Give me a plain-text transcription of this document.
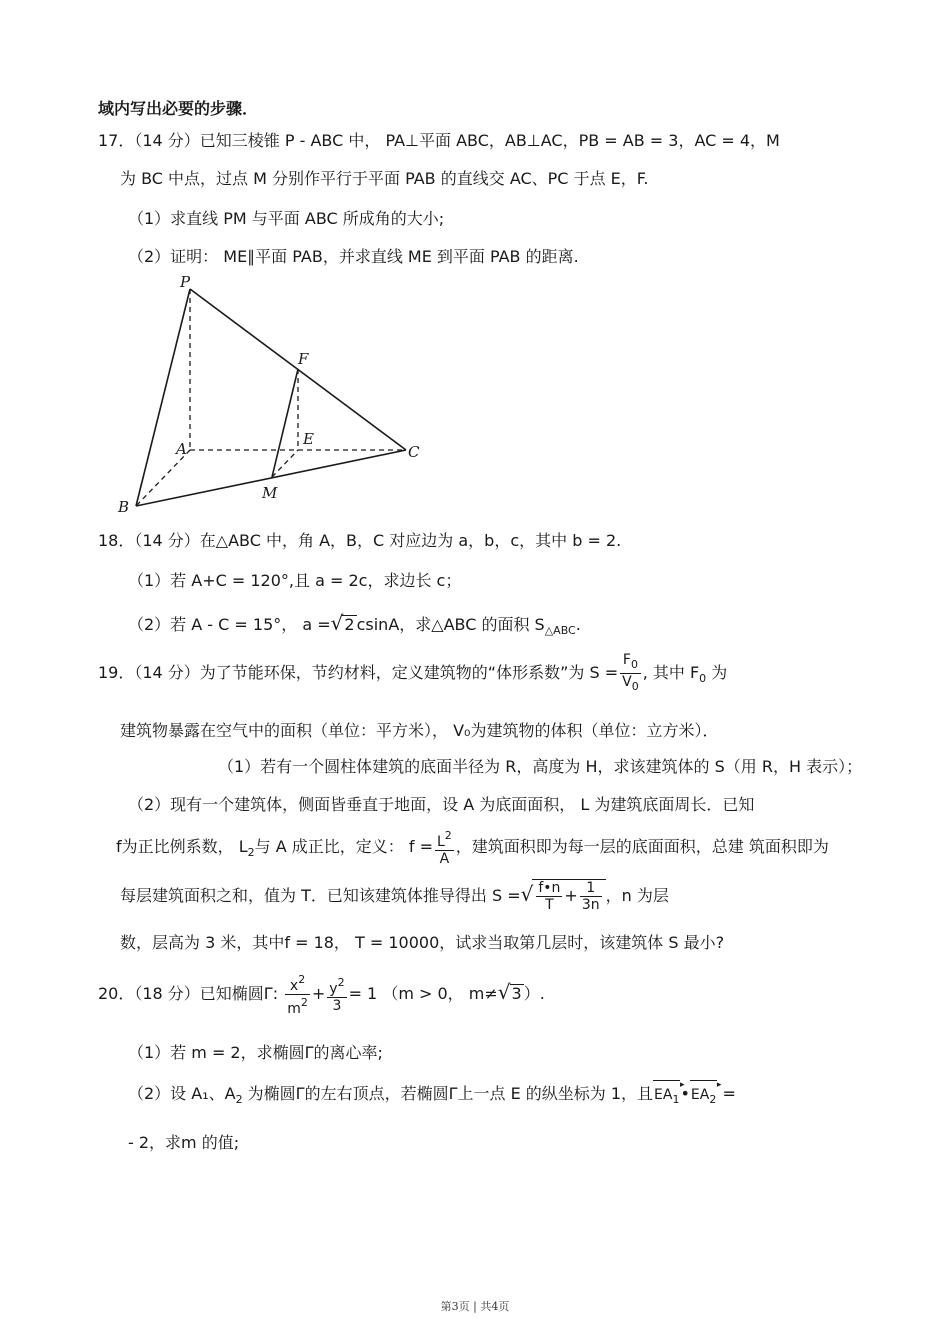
域内写出必要的步骤．
17．（14 分）已知三棱锥 P - ABC 中， PA⊥平面 ABC，AB⊥AC，PB = AB = 3，AC = 4，M
为 BC 中点，过点 M 分别作平行于平面 PAB 的直线交 AC、PC 于点 E，F.
（1）求直线 PM 与平面 ABC 所成角的大小;
（2）证明： ME∥平面 PAB，并求直线 ME 到平面 PAB 的距离.
P
F
A
E
C
M
B
18．（14 分）在△ABC 中，角 A，B，C 对应边为 a，b，c，其中 b = 2.
（1）若 A+C = 120°,且 a = 2c，求边长 c；
（2）若 A - C = 15°， a =√2 csinA，求△ABC 的面积 $S_{\triangle ABC}$.
19．（14 分）为了节能环保，节约材料，定义建筑物的“体形系数”为 $S = \frac{F_0}{V_0}$ , 其中 $F_0$ 为
建筑物暴露在空气中的面积（单位：平方米）， V₀为建筑物的体积（单位：立方米）．
（1）若有一个圆柱体建筑的底面半径为 R，高度为 H，求该建筑体的 S（用 R，H 表示）；
（2）现有一个建筑体，侧面皆垂直于地面，设 A 为底面面积， L 为建筑底面周长．已知
f为正比例系数， $L_2$与 A 成正比，定义： $f = \frac{L^2}{A}$ ，建筑面积即为每一层的底面面积，总建 筑面积即为
每层建筑面积之和，值为 T．已知该建筑体推导得出 S =√ $\frac{f•n}{T} + \frac{1}{3n}$ ，n 为层
数，层高为 3 米，其中f = 18， T = 10000，试求当取第几层时，该建筑体 S 最小?
20．（18 分）已知椭圆Γ: $\frac{x^2}{m^2} + \frac{y^2}{3} = 1$ （m > 0， m≠√3 ）.
（1）若 m = 2，求椭圆Γ的离心率;
（2）设 A₁、$A_2$ 为椭圆Γ的左右顶点，若椭圆Γ上一点 E 的纵坐标为 1，且$EA_1$ $▸•EA_2$ ▸ =
- 2，求m 的值;
第3页 | 共4页
